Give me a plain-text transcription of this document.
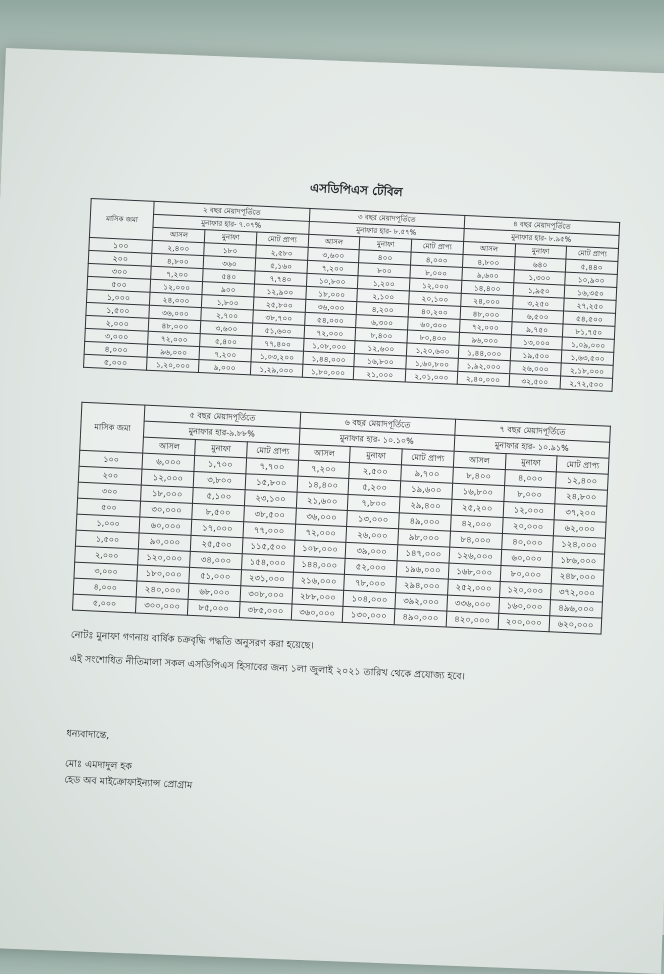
এসডিপিএস টেবিল
মাসিক জমা	২ বছর মেয়াদপূর্তিতে			৩ বছর মেয়াদপূর্তিতে			৪ বছর মেয়াদপূর্তিতে		
	মুনাফার হার- ৭.০৭%			মুনাফার হার- ৮.৫৭%			মুনাফার হার- ৮.৯৫%		
	আসল	মুনাফা	মোট প্রাপ্য	আসল	মুনাফা	মোট প্রাপ্য	আসল	মুনাফা	মোট প্রাপ্য
১০০	২,৪০০	১৮০	২,৫৮০	৩,৬০০	৪০০	৪,০০০	৪,৮০০	৬৪০	৫,৪৪০
২০০	৪,৮০০	৩৬০	৫,১৬০	৭,২০০	৮০০	৮,০০০	৯,৬০০	১,৩০০	১০,৯০০
৩০০	৭,২০০	৫৪০	৭,৭৪০	১০,৮০০	১,২০০	১২,০০০	১৪,৪০০	১,৯৫০	১৬,৩৫০
৫০০	১২,০০০	৯০০	১২,৯০০	১৮,০০০	২,১০০	২০,১০০	২৪,০০০	৩,২৫০	২৭,২৫০
১,০০০	২৪,০০০	১,৮০০	২৫,৮০০	৩৬,০০০	৪,২০০	৪০,২০০	৪৮,০০০	৬,৫০০	৫৪,৫০০
১,৫০০	৩৬,০০০	২,৭০০	৩৮,৭০০	৫৪,০০০	৬,৩০০	৬০,৩০০	৭২,০০০	৯,৭৫০	৮১,৭৫০
২,০০০	৪৮,০০০	৩,৬০০	৫১,৬০০	৭২,০০০	৮,৪০০	৮০,৪০০	৯৬,০০০	১৩,০০০	১,০৯,০০০
৩,০০০	৭২,০০০	৫,৪০০	৭৭,৪০০	১,০৮,০০০	১২,৬০০	১,২০,৬০০	১,৪৪,০০০	১৯,৫০০	১,৬৩,৫০০
৪,০০০	৯৬,০০০	৭,২০০	১,০৩,২০০	১,৪৪,০০০	১৬,৮০০	১,৬০,৮০০	১,৯২,০০০	২৬,০০০	২,১৮,০০০
৫,০০০	১,২০,০০০	৯,০০০	১,২৯,০০০	১,৮০,০০০	২১,০০০	২,০১,০০০	২,৪০,০০০	৩২,৫০০	২,৭২,৫০০
মাসিক জমা	৫ বছর মেয়াদপূর্তিতে			৬ বছর মেয়াদপূর্তিতে			৭ বছর মেয়াদপূর্তিতে		
	মুনাফার হার-৯.৮৮%			মুনাফার হার- ১০.১০%			মুনাফার হার- ১০.৯১%		
	আসল	মুনাফা	মোট প্রাপ্য	আসল	মুনাফা	মোট প্রাপ্য	আসল	মুনাফা	মোট প্রাপ্য
১০০	৬,০০০	১,৭০০	৭,৭০০	৭,২০০	২,৫০০	৯,৭০০	৮,৪০০	৪,০০০	১২,৪০০
২০০	১২,০০০	৩,৮০০	১৫,৮০০	১৪,৪০০	৫,২০০	১৯,৬০০	১৬,৮০০	৮,০০০	২৪,৮০০
৩০০	১৮,০০০	৫,১০০	২৩,১০০	২১,৬০০	৭,৮০০	২৯,৪০০	২৫,২০০	১২,০০০	৩৭,২০০
৫০০	৩০,০০০	৮,৫০০	৩৮,৫০০	৩৬,০০০	১৩,০০০	৪৯,০০০	৪২,০০০	২০,০০০	৬২,০০০
১,০০০	৬০,০০০	১৭,০০০	৭৭,০০০	৭২,০০০	২৬,০০০	৯৮,০০০	৮৪,০০০	৪০,০০০	১২৪,০০০
১,৫০০	৯০,০০০	২৫,৫০০	১১৫,৫০০	১০৮,০০০	৩৯,০০০	১৪৭,০০০	১২৬,০০০	৬০,০০০	১৮৬,০০০
২,০০০	১২০,০০০	৩৪,০০০	১৫৪,০০০	১৪৪,০০০	৫২,০০০	১৯৬,০০০	১৬৮,০০০	৮০,০০০	২৪৮,০০০
৩,০০০	১৮০,০০০	৫১,০০০	২৩১,০০০	২১৬,০০০	৭৮,০০০	২৯৪,০০০	২৫২,০০০	১২০,০০০	৩৭২,০০০
৪,০০০	২৪০,০০০	৬৮,০০০	৩০৮,০০০	২৮৮,০০০	১০৪,০০০	৩৯২,০০০	৩৩৬,০০০	১৬০,০০০	৪৯৬,০০০
৫,০০০	৩০০,০০০	৮৫,০০০	৩৮৫,০০০	৩৬০,০০০	১৩০,০০০	৪৯০,০০০	৪২০,০০০	২০০,০০০	৬২০,০০০

নোটঃ মুনাফা গণনায় বার্ষিক চক্রবৃদ্ধি পদ্ধতি অনুসরণ করা হয়েছে।

এই সংশোধিত নীতিমালা সকল এসডিপিএস হিসাবের জন্য ১লা জুলাই ২০২১ তারিখ থেকে প্রযোজ্য হবে।

ধন্যবাদান্তে,

মোঃ এমদাদুল হক

হেড অব মাইক্রোফাইন্যান্স প্রোগ্রাম
